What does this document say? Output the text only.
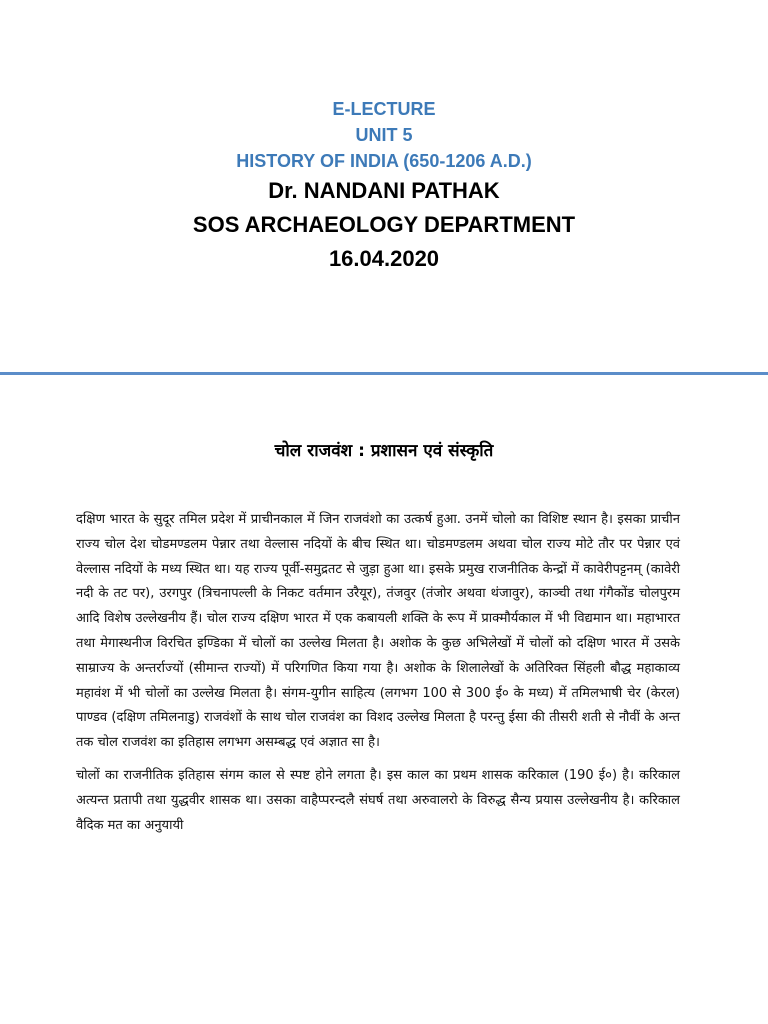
E-LECTURE
UNIT 5
HISTORY OF INDIA (650-1206 A.D.)
Dr. NANDANI PATHAK
SOS ARCHAEOLOGY DEPARTMENT
16.04.2020
चोल राजवंश : प्रशासन एवं संस्कृति

दक्षिण भारत के सुदूर तमिल प्रदेश में प्राचीनकाल में जिन राजवंशो का उत्कर्ष हुआ. उनमें चोलो का विशिष्ट स्थान है। इसका प्राचीन राज्य चोल देश चोडमण्डलम पेन्नार तथा वेल्लास नदियों के बीच स्थित था। चोडमण्डलम अथवा चोल राज्य मोटे तौर पर पेन्नार एवं वेल्लास नदियों के मध्य स्थित था। यह राज्य पूर्वी-समुद्रतट से जुड़ा हुआ था। इसके प्रमुख राजनीतिक केन्द्रों में कावेरीपट्टनम् (कावेरी नदी के तट पर), उरगपुर (त्रिचनापल्ली के निकट वर्तमान उरैयूर), तंजवुर (तंजोर अथवा थंजावुर), काञ्ची तथा गंगैकोंड चोलपुरम आदि विशेष उल्लेखनीय हैं। चोल राज्य दक्षिण भारत में एक कबायली शक्ति के रूप में प्राक्मौर्यकाल में भी विद्यमान था। महाभारत तथा मेगास्थनीज विरचित इण्डिका में चोलों का उल्लेख मिलता है। अशोक के कुछ अभिलेखों में चोलों को दक्षिण भारत में उसके साम्राज्य के अन्तर्राज्यों (सीमान्त राज्यों) में परिगणित किया गया है। अशोक के शिलालेखों के अतिरिक्त सिंहली बौद्ध महाकाव्य महावंश में भी चोलों का उल्लेख मिलता है। संगम-युगीन साहित्य (लगभग 100 से 300 ई० के मध्य) में तमिलभाषी चेर (केरल) पाण्डव (दक्षिण तमिलनाडु) राजवंशों के साथ चोल राजवंश का विशद उल्लेख मिलता है परन्तु ईसा की तीसरी शती से नौवीं के अन्त तक चोल राजवंश का इतिहास लगभग असम्बद्ध एवं अज्ञात सा है।

चोलों का राजनीतिक इतिहास संगम काल से स्पष्ट होने लगता है। इस काल का प्रथम शासक करिकाल (190 ई०) है। करिकाल अत्यन्त प्रतापी तथा युद्धवीर शासक था। उसका वाहैप्परन्दलै संघर्ष तथा अरुवालरो के विरुद्ध सैन्य प्रयास उल्लेखनीय है। करिकाल वैदिक मत का अनुयायी
